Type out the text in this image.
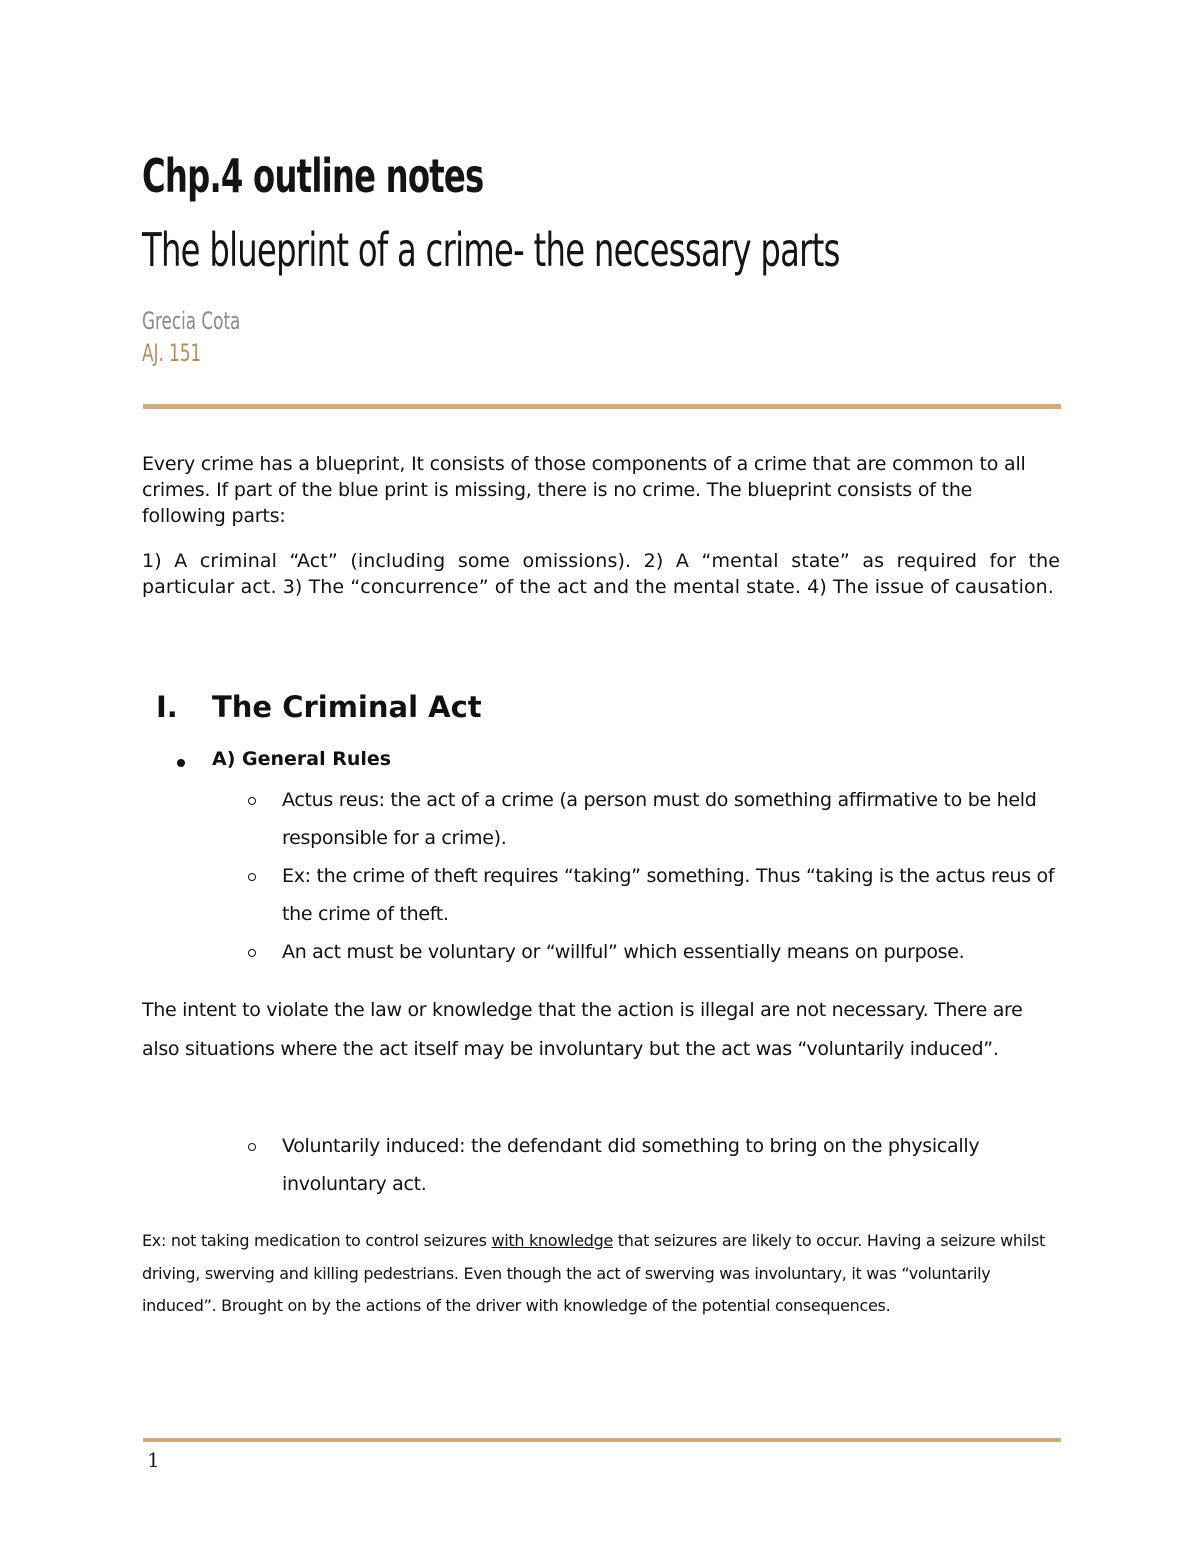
Chp.4 outline notes
The blueprint of a crime- the necessary parts
Grecia Cota
AJ. 151

Every crime has a blueprint, It consists of those components of a crime that are common to all crimes. If part of the blue print is missing, there is no crime. The blueprint consists of the following parts:

1) A criminal “Act” (including some omissions). 2) A “mental state” as required for the particular act. 3) The “concurrence” of the act and the mental state. 4) The issue of causation.

I. The Criminal Act
A) General Rules
Actus reus: the act of a crime (a person must do something affirmative to be held responsible for a crime).
Ex: the crime of theft requires “taking” something. Thus “taking is the actus reus of the crime of theft.
An act must be voluntary or “willful” which essentially means on purpose.
The intent to violate the law or knowledge that the action is illegal are not necessary. There are also situations where the act itself may be involuntary but the act was “voluntarily induced”.
Voluntarily induced: the defendant did something to bring on the physically involuntary act.
Ex: not taking medication to control seizures with knowledge that seizures are likely to occur. Having a seizure whilst driving, swerving and killing pedestrians. Even though the act of swerving was involuntary, it was “voluntarily induced”. Brought on by the actions of the driver with knowledge of the potential consequences.
1
